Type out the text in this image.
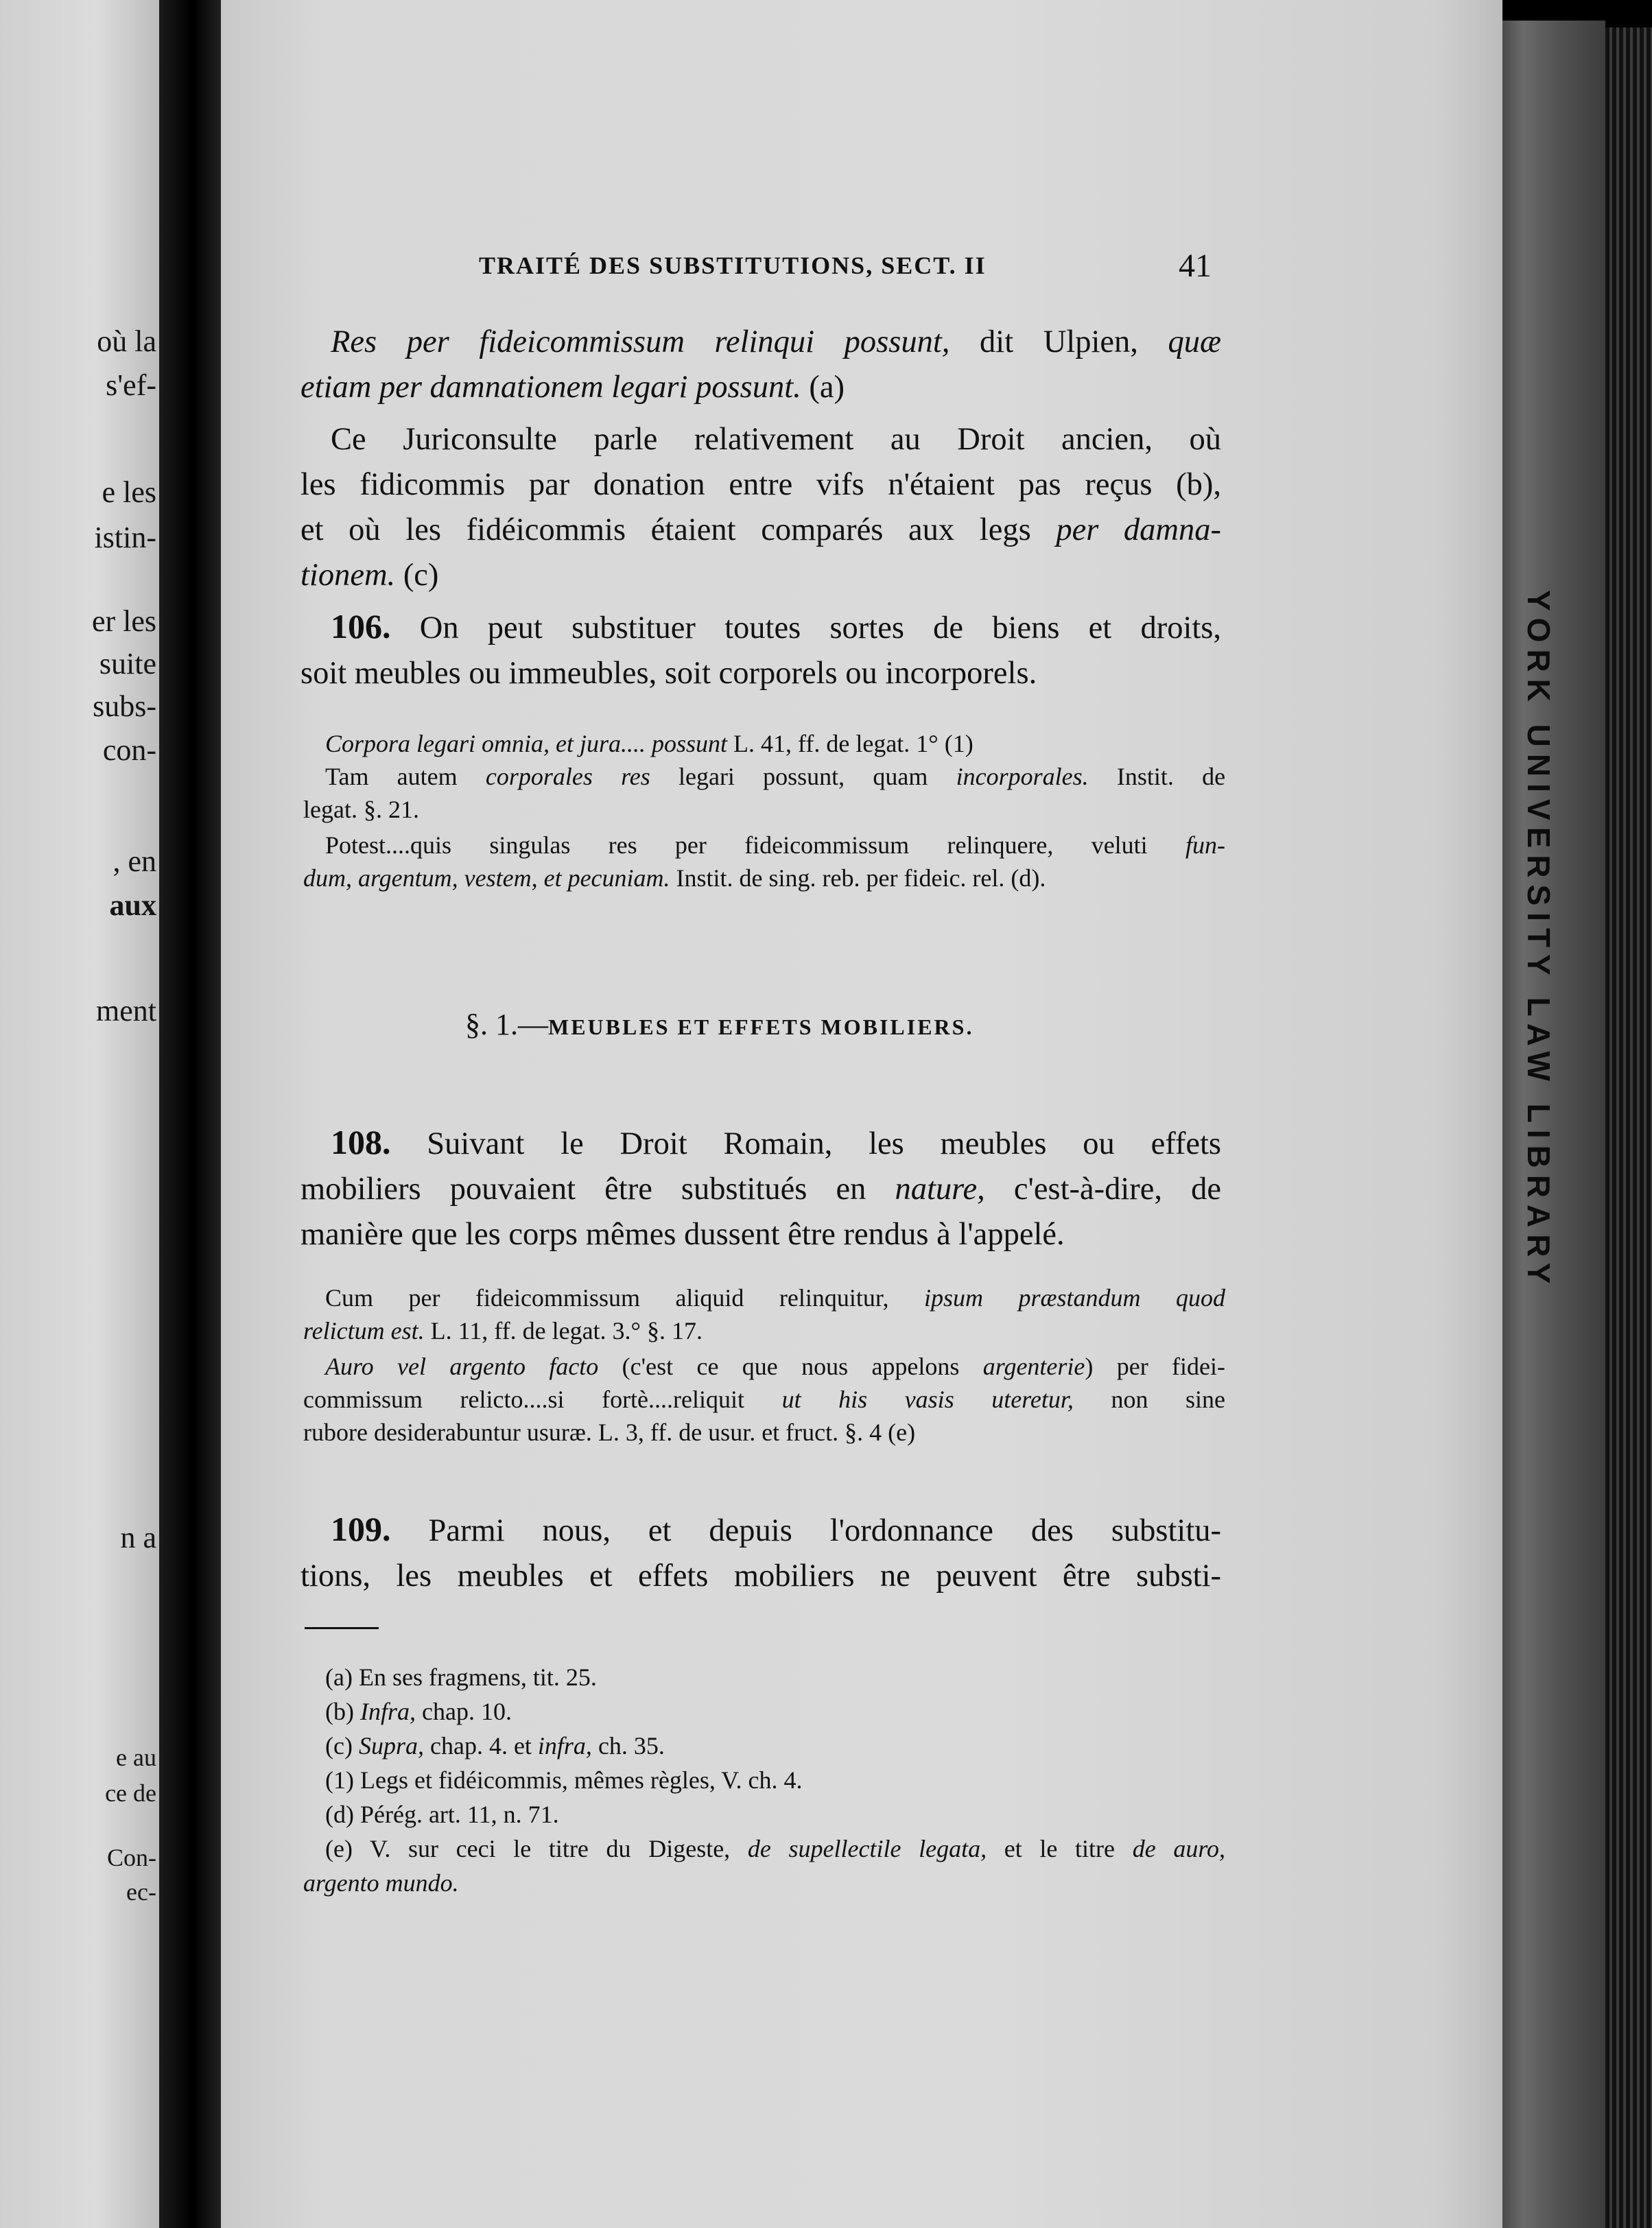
où la
s'ef-
e les
istin-
er les
suite
subs-
con-
, en
aux
ment
n a
e au
ce de
Con-
ec-
YORK UNIVERSITY LAW LIBRARY
TRAITÉ DES SUBSTITUTIONS, SECT. II	41
Res per fideicommissum relinqui possunt, dit Ulpien, quæ
etiam per damnationem legari possunt. (a)
Ce Juriconsulte parle relativement au Droit ancien, où
les fidicommis par donation entre vifs n'étaient pas reçus (b),
et où les fidéicommis étaient comparés aux legs per damna-
tionem. (c)
106. On peut substituer toutes sortes de biens et droits,
soit meubles ou immeubles, soit corporels ou incorporels.
Corpora legari omnia, et jura.... possunt L. 41, ff. de legat. 1° (1)
Tam autem corporales res legari possunt, quam incorporales. Instit. de
legat. §. 21.
Potest....quis singulas res per fideicommissum relinquere, veluti fun-
dum, argentum, vestem, et pecuniam. Instit. de sing. reb. per fideic. rel. (d).
§. 1.—MEUBLES ET EFFETS MOBILIERS.
108. Suivant le Droit Romain, les meubles ou effets
mobiliers pouvaient être substitués en nature, c'est-à-dire, de
manière que les corps mêmes dussent être rendus à l'appelé.
Cum per fideicommissum aliquid relinquitur, ipsum præstandum quod
relictum est. L. 11, ff. de legat. 3.° §. 17.
Auro vel argento facto (c'est ce que nous appelons argenterie) per fidei-
commissum relicto....si fortè....reliquit ut his vasis uteretur, non sine
rubore desiderabuntur usuræ. L. 3, ff. de usur. et fruct. §. 4 (e)
109. Parmi nous, et depuis l'ordonnance des substitu-
tions, les meubles et effets mobiliers ne peuvent être substi-
(a) En ses fragmens, tit. 25.
(b) Infra, chap. 10.
(c) Supra, chap. 4. et infra, ch. 35.
(1) Legs et fidéicommis, mêmes règles, V. ch. 4.
(d) Pérég. art. 11, n. 71.
(e) V. sur ceci le titre du Digeste, de supellectile legata, et le titre de auro,
argento mundo.
